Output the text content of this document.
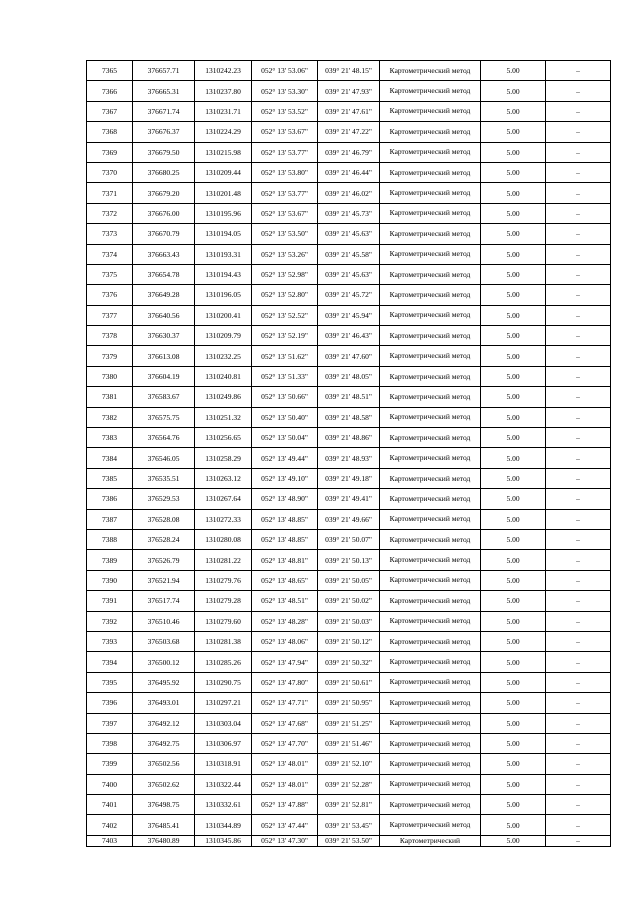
7365	376657.71	1310242.23	052° 13' 53.06"	039° 21' 48.15"	Картометрический метод	5.00	–
7366	376665.31	1310237.80	052° 13' 53.30"	039° 21' 47.93"	Картометрический метод	5.00	–
7367	376671.74	1310231.71	052° 13' 53.52"	039° 21' 47.61"	Картометрический метод	5.00	–
7368	376676.37	1310224.29	052° 13' 53.67"	039° 21' 47.22"	Картометрический метод	5.00	–
7369	376679.50	1310215.98	052° 13' 53.77"	039° 21' 46.79"	Картометрический метод	5.00	–
7370	376680.25	1310209.44	052° 13' 53.80"	039° 21' 46.44"	Картометрический метод	5.00	–
7371	376679.20	1310201.48	052° 13' 53.77"	039° 21' 46.02"	Картометрический метод	5.00	–
7372	376676.00	1310195.96	052° 13' 53.67"	039° 21' 45.73"	Картометрический метод	5.00	–
7373	376670.79	1310194.05	052° 13' 53.50"	039° 21' 45.63"	Картометрический метод	5.00	–
7374	376663.43	1310193.31	052° 13' 53.26"	039° 21' 45.58"	Картометрический метод	5.00	–
7375	376654.78	1310194.43	052° 13' 52.98"	039° 21' 45.63"	Картометрический метод	5.00	–
7376	376649.28	1310196.05	052° 13' 52.80"	039° 21' 45.72"	Картометрический метод	5.00	–
7377	376640.56	1310200.41	052° 13' 52.52"	039° 21' 45.94"	Картометрический метод	5.00	–
7378	376630.37	1310209.79	052° 13' 52.19"	039° 21' 46.43"	Картометрический метод	5.00	–
7379	376613.08	1310232.25	052° 13' 51.62"	039° 21' 47.60"	Картометрический метод	5.00	–
7380	376604.19	1310240.81	052° 13' 51.33"	039° 21' 48.05"	Картометрический метод	5.00	–
7381	376583.67	1310249.86	052° 13' 50.66"	039° 21' 48.51"	Картометрический метод	5.00	–
7382	376575.75	1310251.32	052° 13' 50.40"	039° 21' 48.58"	Картометрический метод	5.00	–
7383	376564.76	1310256.65	052° 13' 50.04"	039° 21' 48.86"	Картометрический метод	5.00	–
7384	376546.05	1310258.29	052° 13' 49.44"	039° 21' 48.93"	Картометрический метод	5.00	–
7385	376535.51	1310263.12	052° 13' 49.10"	039° 21' 49.18"	Картометрический метод	5.00	–
7386	376529.53	1310267.64	052° 13' 48.90"	039° 21' 49.41"	Картометрический метод	5.00	–
7387	376528.08	1310272.33	052° 13' 48.85"	039° 21' 49.66"	Картометрический метод	5.00	–
7388	376528.24	1310280.08	052° 13' 48.85"	039° 21' 50.07"	Картометрический метод	5.00	–
7389	376526.79	1310281.22	052° 13' 48.81"	039° 21' 50.13"	Картометрический метод	5.00	–
7390	376521.94	1310279.76	052° 13' 48.65"	039° 21' 50.05"	Картометрический метод	5.00	–
7391	376517.74	1310279.28	052° 13' 48.51"	039° 21' 50.02"	Картометрический метод	5.00	–
7392	376510.46	1310279.60	052° 13' 48.28"	039° 21' 50.03"	Картометрический метод	5.00	–
7393	376503.68	1310281.38	052° 13' 48.06"	039° 21' 50.12"	Картометрический метод	5.00	–
7394	376500.12	1310285.26	052° 13' 47.94"	039° 21' 50.32"	Картометрический метод	5.00	–
7395	376495.92	1310290.75	052° 13' 47.80"	039° 21' 50.61"	Картометрический метод	5.00	–
7396	376493.01	1310297.21	052° 13' 47.71"	039° 21' 50.95"	Картометрический метод	5.00	–
7397	376492.12	1310303.04	052° 13' 47.68"	039° 21' 51.25"	Картометрический метод	5.00	–
7398	376492.75	1310306.97	052° 13' 47.70"	039° 21' 51.46"	Картометрический метод	5.00	–
7399	376502.56	1310318.91	052° 13' 48.01"	039° 21' 52.10"	Картометрический метод	5.00	–
7400	376502.62	1310322.44	052° 13' 48.01"	039° 21' 52.28"	Картометрический метод	5.00	–
7401	376498.75	1310332.61	052° 13' 47.88"	039° 21' 52.81"	Картометрический метод	5.00	–
7402	376485.41	1310344.89	052° 13' 47.44"	039° 21' 53.45"	Картометрический метод	5.00	–
7403	376480.89	1310345.86	052° 13' 47.30"	039° 21' 53.50"	Картометрический	5.00	–
